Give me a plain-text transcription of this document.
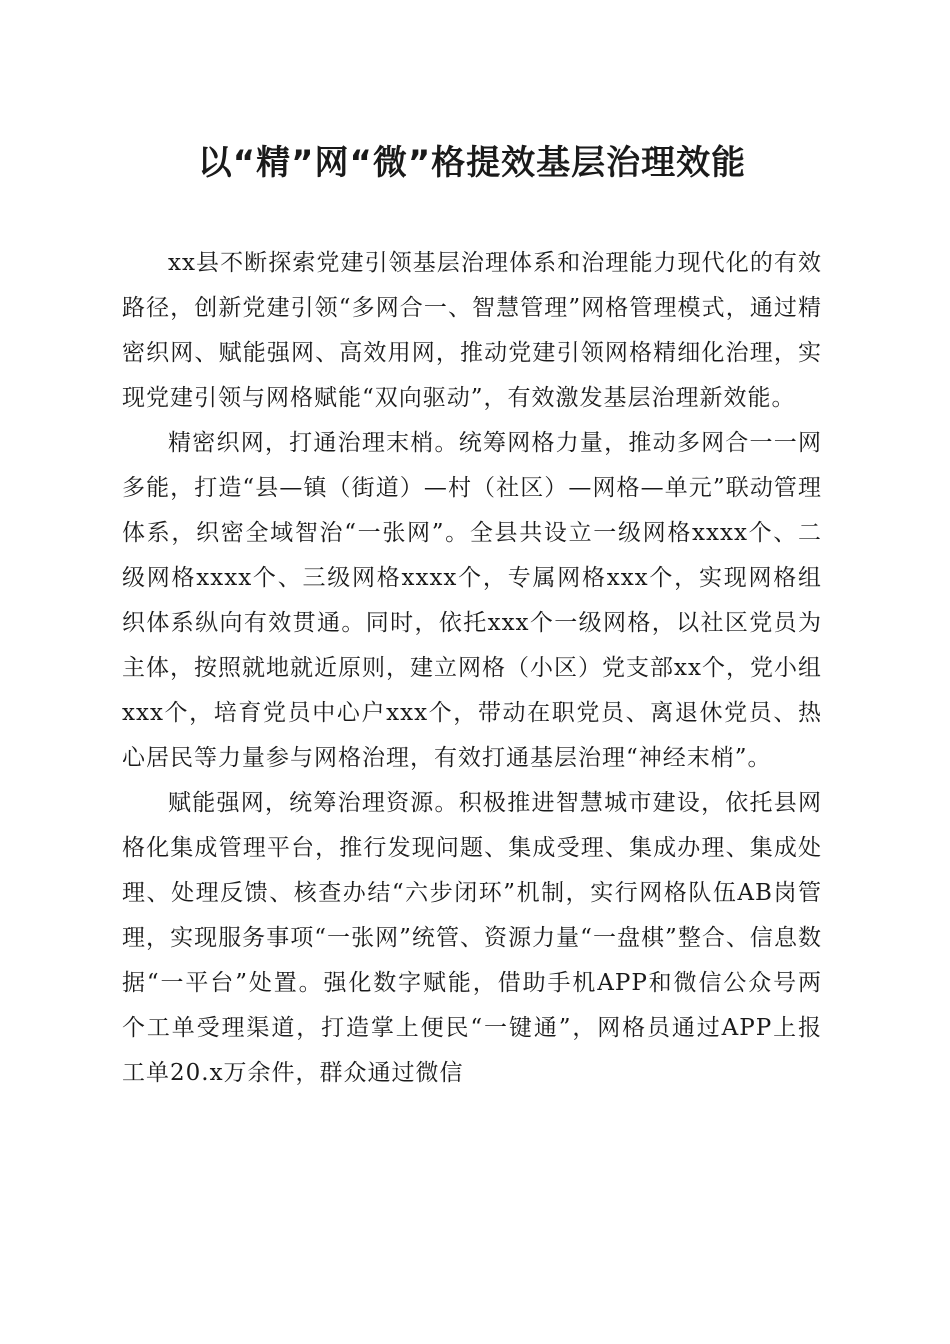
以“精”网“微”格提效基层治理效能

xx县不断探索党建引领基层治理体系和治理能力现代化的有效路径，创新党建引领“多网合一、智慧管理”网格管理模式，通过精密织网、赋能强网、高效用网，推动党建引领网格精细化治理，实现党建引领与网格赋能“双向驱动”，有效激发基层治理新效能。

精密织网，打通治理末梢。统筹网格力量，推动多网合一一网多能，打造“县—镇（街道）—村（社区）—网格—单元”联动管理体系，织密全域智治“一张网”。全县共设立一级网格xxxx个、二级网格xxxx个、三级网格xxxx个，专属网格xxx个，实现网格组织体系纵向有效贯通。同时，依托xxx个一级网格，以社区党员为主体，按照就地就近原则，建立网格（小区）党支部xx个，党小组xxx个，培育党员中心户xxx个，带动在职党员、离退休党员、热心居民等力量参与网格治理，有效打通基层治理“神经末梢”。

赋能强网，统筹治理资源。积极推进智慧城市建设，依托县网格化集成管理平台，推行发现问题、集成受理、集成办理、集成处理、处理反馈、核查办结“六步闭环”机制，实行网格队伍AB岗管理，实现服务事项“一张网”统管、资源力量“一盘棋”整合、信息数据“一平台”处置。强化数字赋能，借助手机APP和微信公众号两个工单受理渠道，打造掌上便民“一键通”，网格员通过APP上报工单20.x万余件，群众通过微信
